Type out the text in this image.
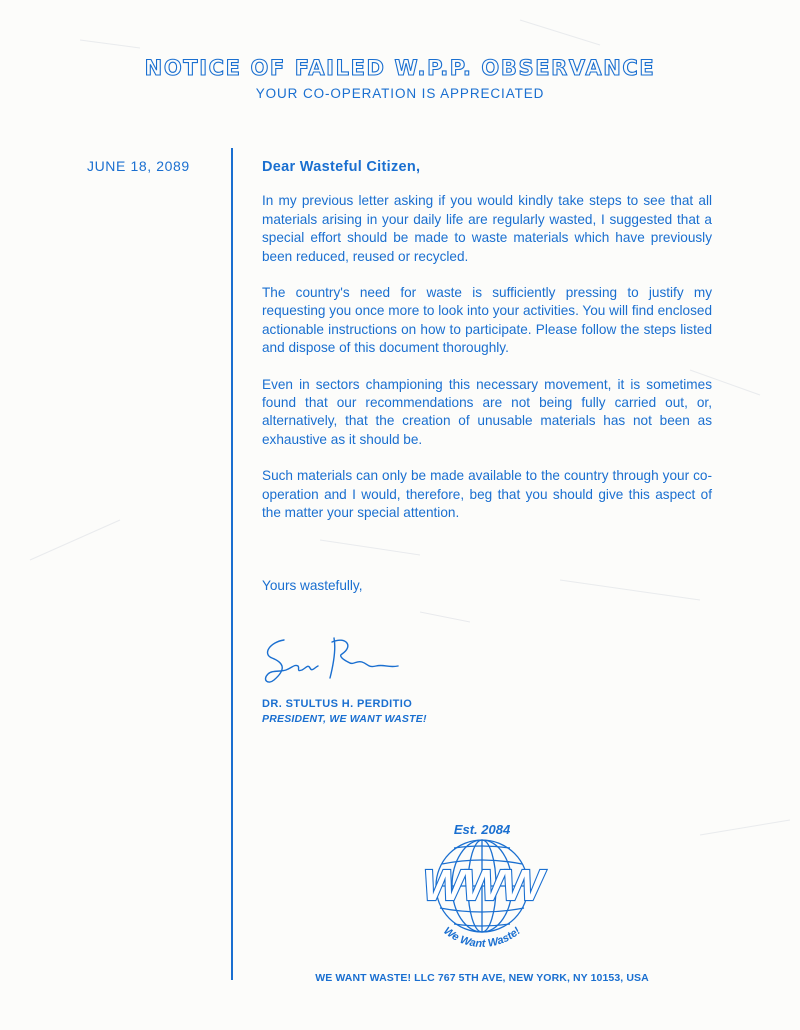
NOTICE OF FAILED W.P.P. OBSERVANCE

YOUR CO-OPERATION IS APPRECIATED

JUNE 18, 2089	Dear Wasteful Citizen,

In my previous letter asking if you would kindly take steps to see that all materials arising in your daily life are regularly wasted, I suggested that a special effort should be made to waste materials which have previously been reduced, reused or recycled.

The country's need for waste is sufficiently pressing to justify my requesting you once more to look into your activities. You will find enclosed actionable instructions on how to participate. Please follow the steps listed and dispose of this document thoroughly.

Even in sectors championing this necessary movement, it is sometimes found that our recommendations are not being fully carried out, or, alternatively, that the creation of unusable materials has not been as exhaustive as it should be.

Such materials can only be made available to the country through your co-operation and I would, therefore, beg that you should give this aspect of the matter your special attention.

Yours wastefully,
DR. STULTUS H. PERDITIO
PRESIDENT, WE WANT WASTE!
Est. 2084
WWW
We Want Waste!
WE WANT WASTE! LLC 767 5TH AVE, NEW YORK, NY 10153, USA
